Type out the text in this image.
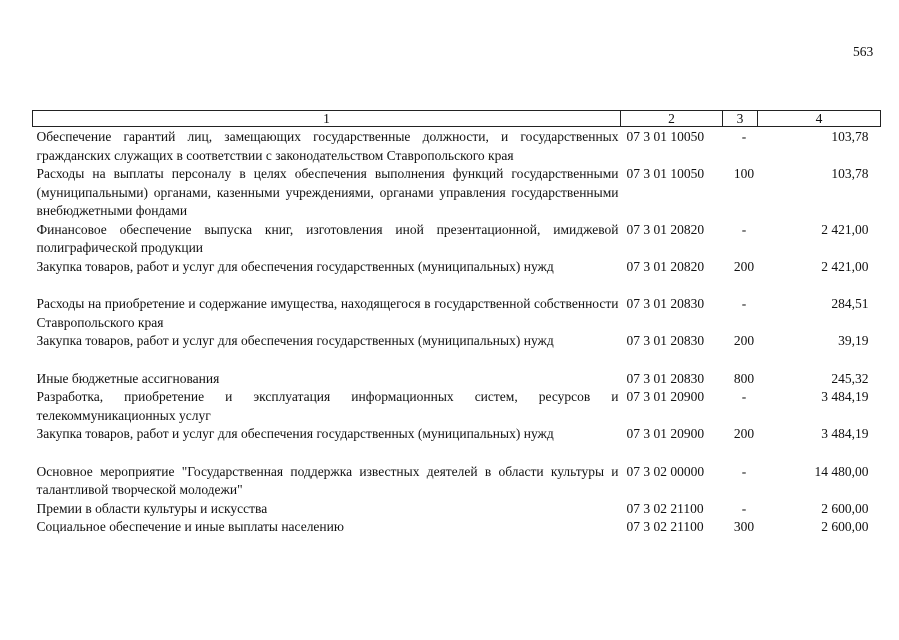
563
1	2	3	4
Обеспечение гарантий лиц, замещающих государственные должности, и государственных гражданских служащих в соответствии с законодательством Ставропольского края	07 3 01 10050	-	103,78
Расходы на выплаты персоналу в целях обеспечения выполнения функций государственными (муниципальными) органами, казенными учреждениями, органами управления государственными внебюджетными фондами	07 3 01 10050	100	103,78
Финансовое обеспечение выпуска книг, изготовления иной презентационной, имиджевой полиграфической продукции	07 3 01 20820	-	2 421,00
Закупка товаров, работ и услуг для обеспечения государственных (муниципальных) нужд	07 3 01 20820	200	2 421,00
Расходы на приобретение и содержание имущества, находящегося в государственной собственности Ставропольского края	07 3 01 20830	-	284,51
Закупка товаров, работ и услуг для обеспечения государственных (муниципальных) нужд	07 3 01 20830	200	39,19
Иные бюджетные ассигнования	07 3 01 20830	800	245,32
Разработка, приобретение и эксплуатация информационных систем, ресурсов и телекоммуникационных услуг	07 3 01 20900	-	3 484,19
Закупка товаров, работ и услуг для обеспечения государственных (муниципальных) нужд	07 3 01 20900	200	3 484,19
Основное мероприятие "Государственная поддержка известных деятелей в области культуры и талантливой творческой молодежи"	07 3 02 00000	-	14 480,00
Премии в области культуры и искусства	07 3 02 21100	-	2 600,00
Социальное обеспечение и иные выплаты населению	07 3 02 21100	300	2 600,00
